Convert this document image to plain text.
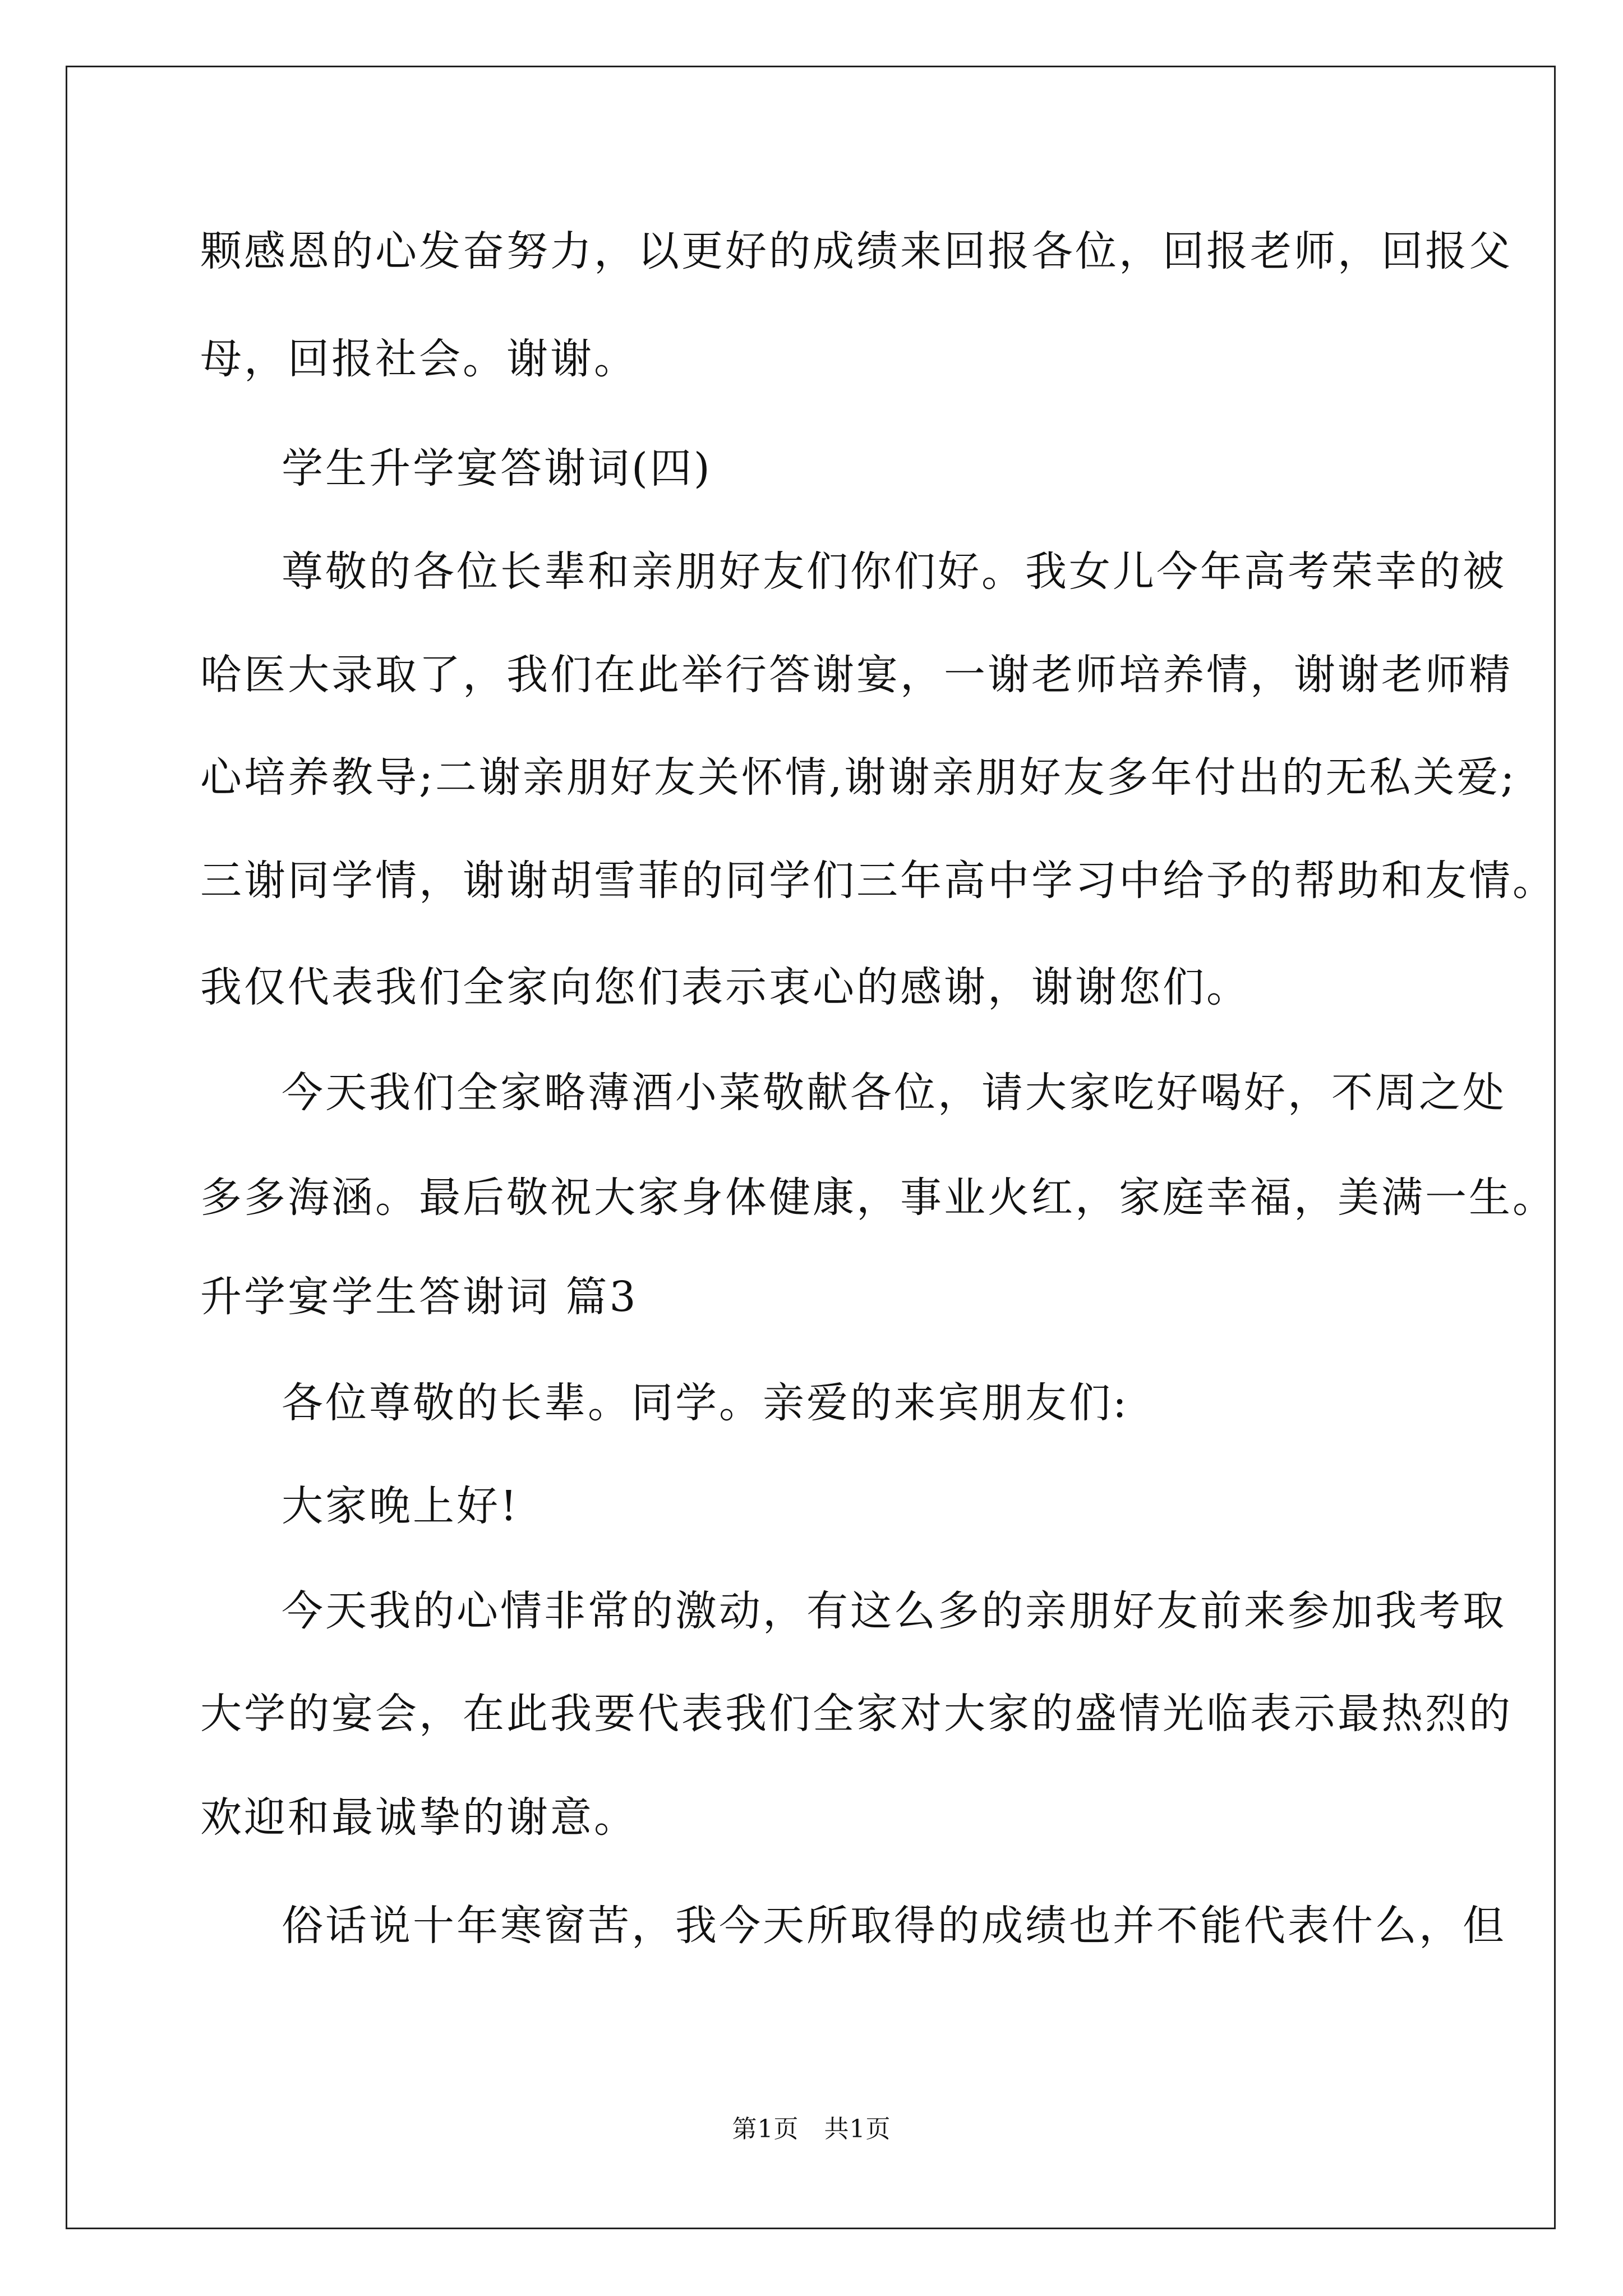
颗感恩的心发奋努力，以更好的成绩来回报各位，回报老师，回报父
母，回报社会。谢谢。
学生升学宴答谢词(四)
尊敬的各位长辈和亲朋好友们你们好。我女儿今年高考荣幸的被
哈医大录取了，我们在此举行答谢宴，一谢老师培养情，谢谢老师精
心培养教导;二谢亲朋好友关怀情,谢谢亲朋好友多年付出的无私关爱;
三谢同学情，谢谢胡雪菲的同学们三年高中学习中给予的帮助和友情。
我仅代表我们全家向您们表示衷心的感谢，谢谢您们。
今天我们全家略薄酒小菜敬献各位，请大家吃好喝好，不周之处
多多海涵。最后敬祝大家身体健康，事业火红，家庭幸福，美满一生。
升学宴学生答谢词 篇3
各位尊敬的长辈。同学。亲爱的来宾朋友们:
大家晚上好!
今天我的心情非常的激动，有这么多的亲朋好友前来参加我考取
大学的宴会，在此我要代表我们全家对大家的盛情光临表示最热烈的
欢迎和最诚挚的谢意。
俗话说十年寒窗苦，我今天所取得的成绩也并不能代表什么，但
第1页　共1页
